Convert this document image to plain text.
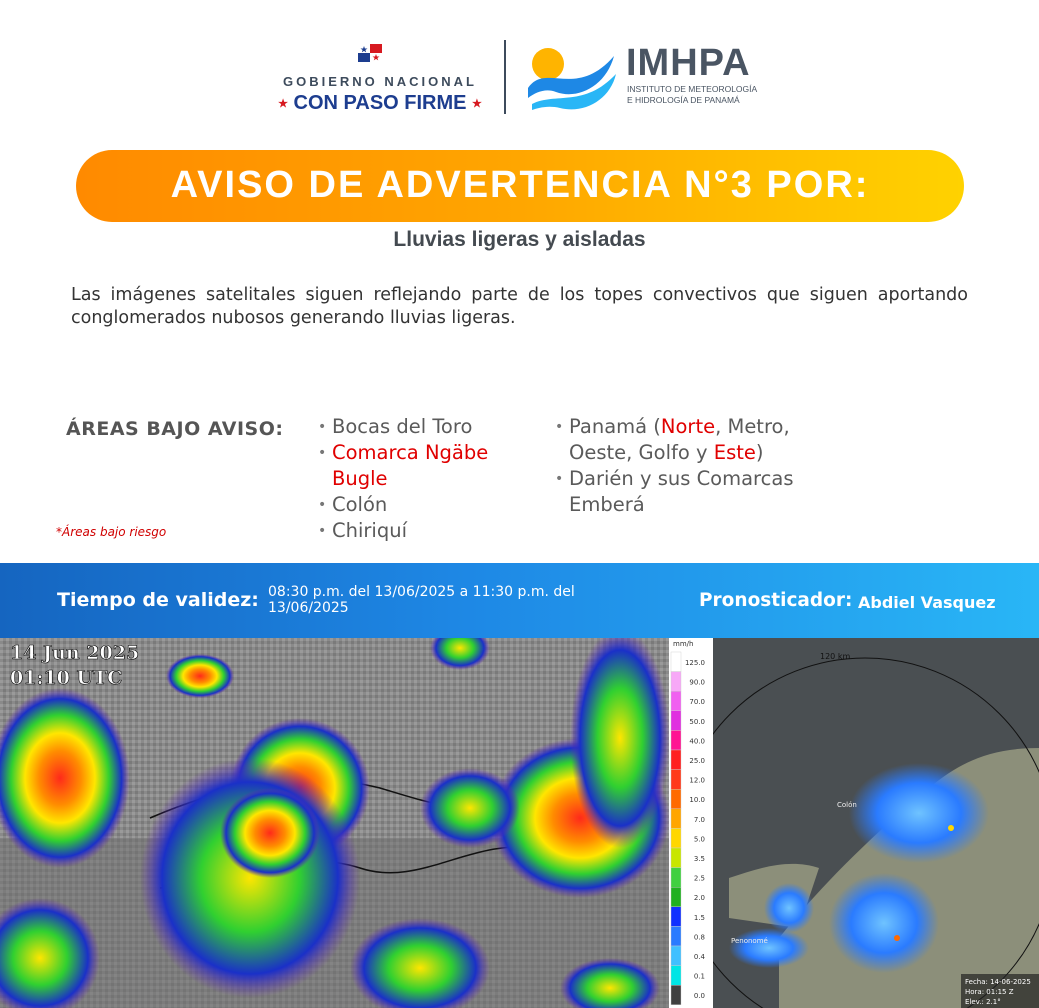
GOBIERNO NACIONAL
★ CON PASO FIRME ★
IMHPA
INSTITUTO DE METEOROLOGÍA
E HIDROLOGÍA DE PANAMÁ
AVISO DE ADVERTENCIA N°3 POR:
Lluvias ligeras y aisladas
Las imágenes satelitales siguen reflejando parte de los topes convectivos que siguen aportando conglomerados nubosos generando lluvias ligeras.
ÁREAS BAJO AVISO:
•	Bocas del Toro
• Comarca Ngäbe Bugle
• Colón
• Chiriquí
• Panamá (Norte, Metro, Oeste, Golfo y Este)
• Darién y sus Comarcas Emberá
*Áreas bajo riesgo
Tiempo de validez: 08:30 p.m. del 13/06/2025 a 11:30 p.m. del 13/06/2025	Pronosticador: Abdiel Vasquez
14 Jun 2025
01:10 UTC
120 km
Colón
Penonomé
Fecha: 14-06-2025
Hora: 01:15 Z
Elev.: 2.1°
mm/h
125.0
90.0
70.0
50.0
40.0
25.0
12.0
10.0
7.0
5.0
3.5
2.5
2.0
1.5
0.8
0.4
0.1
0.0
